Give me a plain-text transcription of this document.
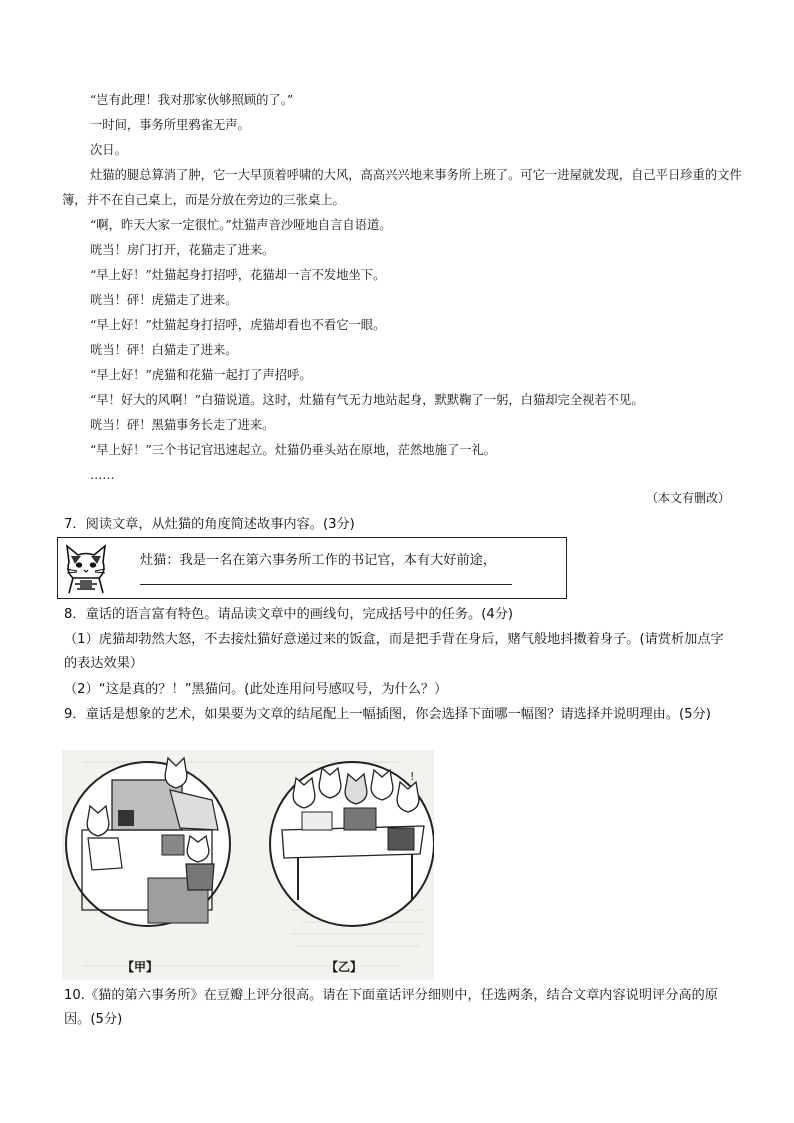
“岂有此理！我对那家伙够照顾的了。”

一时间，事务所里鸦雀无声。

次日。

灶猫的腿总算消了肿，它一大早顶着呼啸的大风，高高兴兴地来事务所上班了。可它一进屋就发现，自己平日珍重的文件簿，并不在自己桌上，而是分放在旁边的三张桌上。

“啊，昨天大家一定很忙。”灶猫声音沙哑地自言自语道。

咣当！房门打开，花猫走了进来。

“早上好！”灶猫起身打招呼，花猫却一言不发地坐下。

咣当！砰！虎猫走了进来。

“早上好！”灶猫起身打招呼，虎猫却看也不看它一眼。

咣当！砰！白猫走了进来。

“早上好！”虎猫和花猫一起打了声招呼。

“早！好大的风啊！”白猫说道。这时，灶猫有气无力地站起身，默默鞠了一躬，白猫却完全视若不见。

咣当！砰！黑猫事务长走了进来。

“早上好！”三个书记官迅速起立。灶猫仍垂头站在原地，茫然地施了一礼。

……

（本文有删改）
7．阅读文章，从灶猫的角度简述故事内容。(3分)
灶猫：我是一名在第六事务所工作的书记官，本有大好前途，
8．童话的语言富有特色。请品读文章中的画线句，完成括号中的任务。(4分)
（1）虎猫却勃然大怒，不去接灶猫好意递过来的饭盒，而是把手背在身后，赌气般地抖擞着身子。(请赏析加点字的表达效果）
（2）“这是真的？！”黑猫问。(此处连用问号感叹号，为什么？）
9．童话是想象的艺术，如果要为文章的结尾配上一幅插图，你会选择下面哪一幅图？请选择并说明理由。(5分)
!
【甲】	【乙】
10.《猫的第六事务所》在豆瓣上评分很高。请在下面童话评分细则中，任选两条，结合文章内容说明评分高的原因。(5分)
